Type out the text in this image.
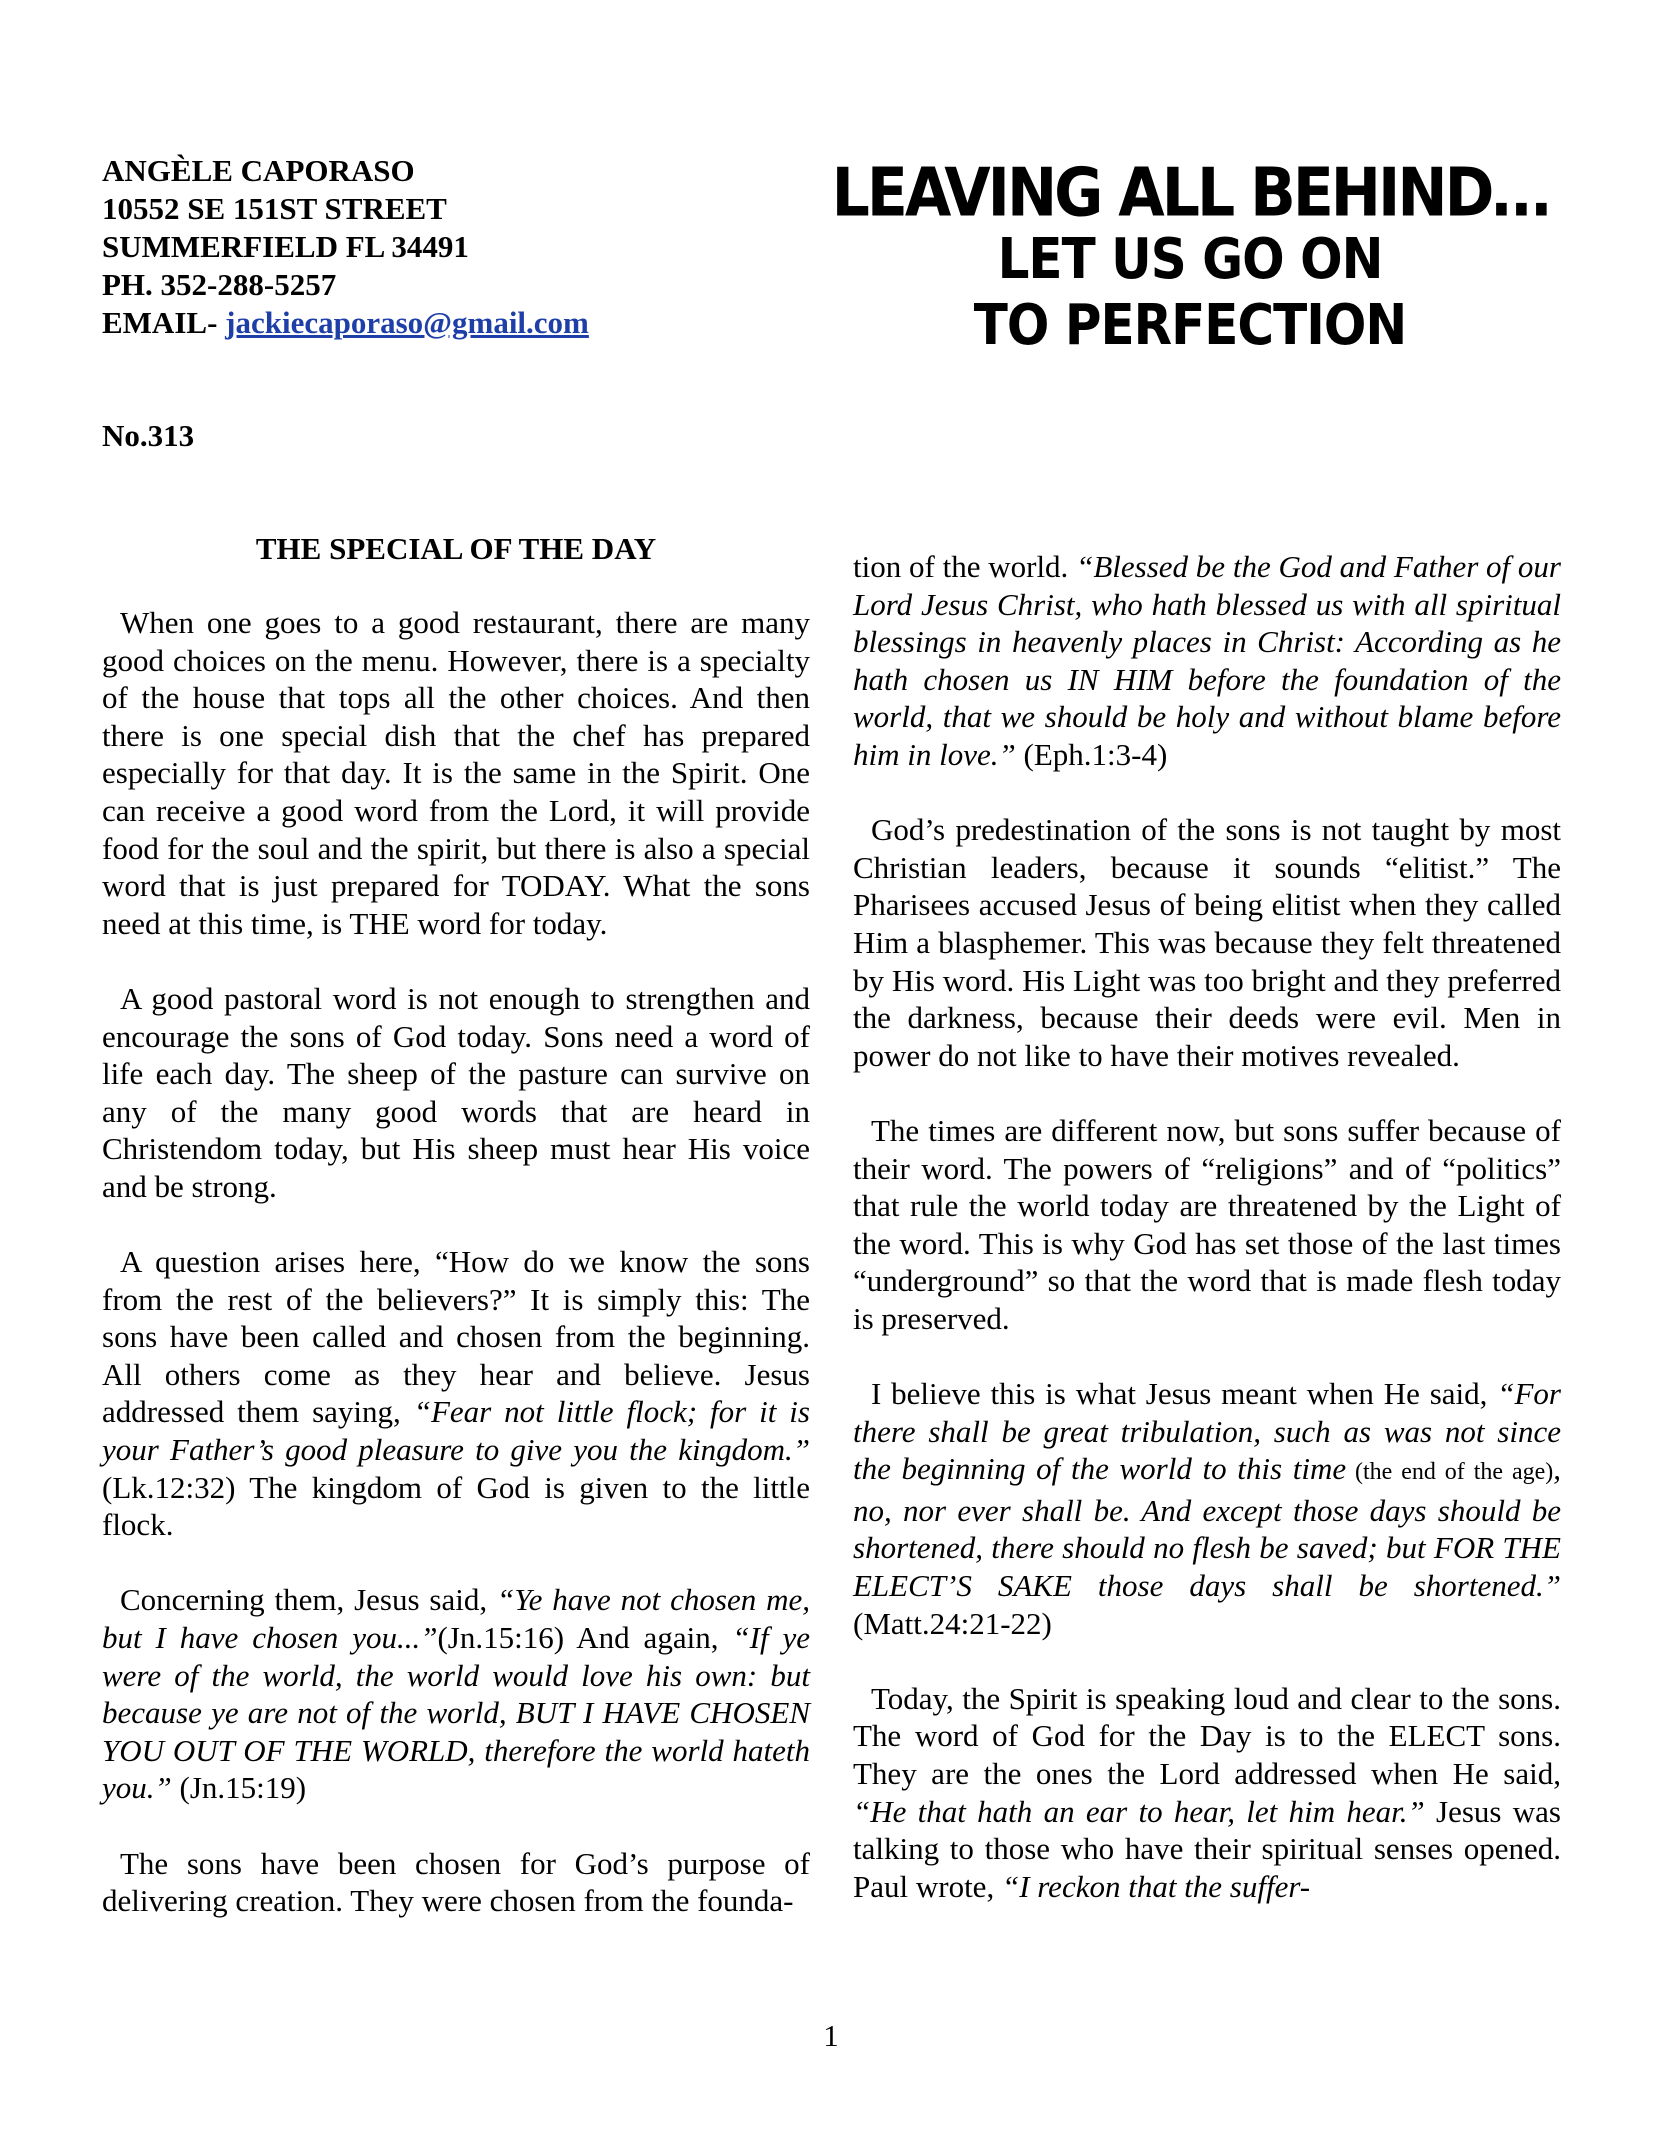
ANGÈLE CAPORASO
10552 SE 151ST STREET
SUMMERFIELD FL 34491
PH. 352-288-5257
EMAIL- jackiecaporaso@gmail.com
LEAVING ALL BEHIND…
LET US GO ON
TO PERFECTION
No.313
THE SPECIAL OF THE DAY

When one goes to a good restaurant, there are many good choices on the menu. However, there is a specialty of the house that tops all the other choices. And then there is one special dish that the chef has prepared especially for that day. It is the same in the Spirit. One can receive a good word from the Lord, it will provide food for the soul and the spirit, but there is also a special word that is just prepared for TODAY. What the sons need at this time, is THE word for today.

A good pastoral word is not enough to strengthen and encourage the sons of God today. Sons need a word of life each day. The sheep of the pasture can survive on any of the many good words that are heard in Christendom today, but His sheep must hear His voice and be strong.

A question arises here, “How do we know the sons from the rest of the believers?” It is simply this: The sons have been called and chosen from the beginning. All others come as they hear and believe. Jesus addressed them saying, “Fear not little flock; for it is your Father’s good pleasure to give you the kingdom.” (Lk.12:32) The kingdom of God is given to the little flock.

Concerning them, Jesus said, “Ye have not chosen me, but I have chosen you...”(Jn.15:16) And again, “If ye were of the world, the world would love his own: but because ye are not of the world, BUT I HAVE CHOSEN YOU OUT OF THE WORLD, therefore the world hateth you.” (Jn.15:19)

The sons have been chosen for God’s purpose of delivering creation. They were chosen from the founda-

tion of the world. “Blessed be the God and Father of our Lord Jesus Christ, who hath blessed us with all spiritual blessings in heavenly places in Christ: According as he hath chosen us IN HIM before the foundation of the world, that we should be holy and without blame before him in love.” (Eph.1:3-4)

God’s predestination of the sons is not taught by most Christian leaders, because it sounds “elitist.” The Pharisees accused Jesus of being elitist when they called Him a blasphemer. This was because they felt threatened by His word. His Light was too bright and they preferred the darkness, because their deeds were evil. Men in power do not like to have their motives revealed.

The times are different now, but sons suffer because of their word. The powers of “religions” and of “politics” that rule the world today are threatened by the Light of the word. This is why God has set those of the last times “underground” so that the word that is made flesh today is preserved.

I believe this is what Jesus meant when He said, “For there shall be great tribulation, such as was not since the beginning of the world to this time (the end of the age), no, nor ever shall be. And except those days should be shortened, there should no flesh be saved; but FOR THE ELECT’S SAKE those days shall be shortened.” (Matt.24:21-22)

Today, the Spirit is speaking loud and clear to the sons. The word of God for the Day is to the ELECT sons. They are the ones the Lord addressed when He said, “He that hath an ear to hear, let him hear.” Jesus was talking to those who have their spiritual senses opened. Paul wrote, “I reckon that the suffer-

1
